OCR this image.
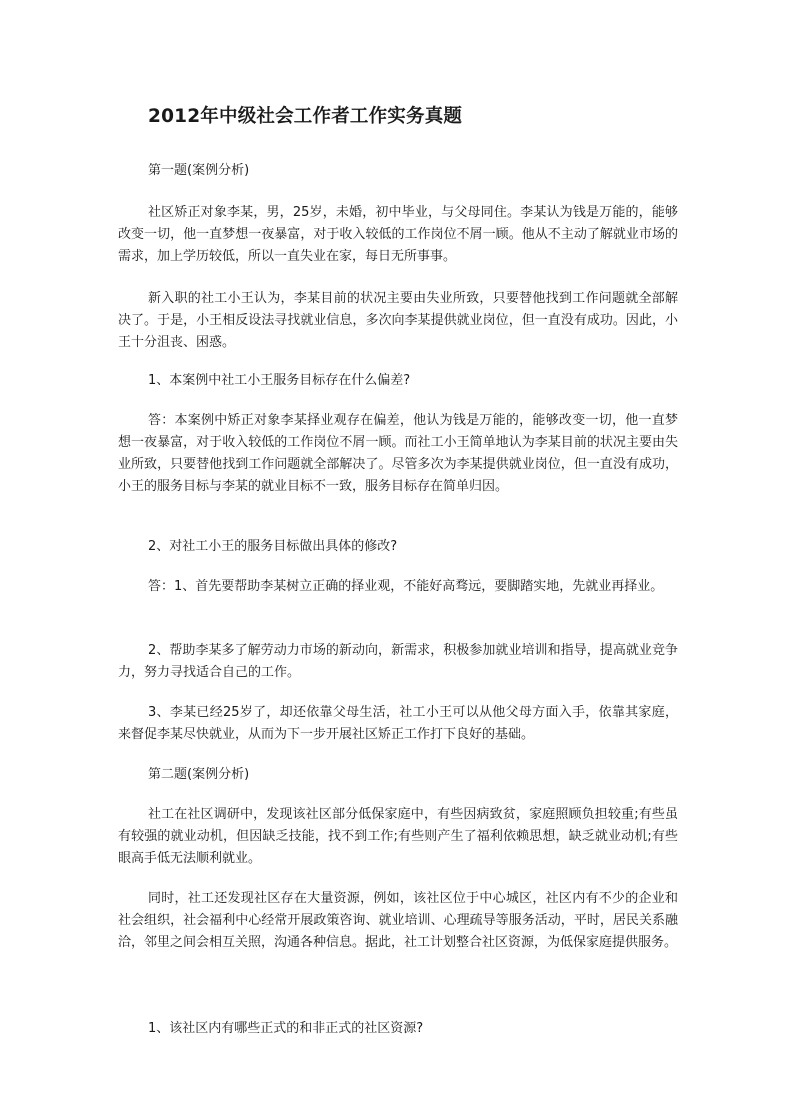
2012年中级社会工作者工作实务真题

第一题(案例分析)

社区矫正对象李某，男，25岁，未婚，初中毕业，与父母同住。李某认为钱是万能的，能够改变一切，他一直梦想一夜暴富，对于收入较低的工作岗位不屑一顾。他从不主动了解就业市场的需求，加上学历较低，所以一直失业在家，每日无所事事。

新入职的社工小王认为，李某目前的状况主要由失业所致，只要替他找到工作问题就全部解决了。于是，小王相反设法寻找就业信息，多次向李某提供就业岗位，但一直没有成功。因此，小王十分沮丧、困惑。

1、本案例中社工小王服务目标存在什么偏差?

答：本案例中矫正对象李某择业观存在偏差，他认为钱是万能的，能够改变一切，他一直梦想一夜暴富，对于收入较低的工作岗位不屑一顾。而社工小王简单地认为李某目前的状况主要由失业所致，只要替他找到工作问题就全部解决了。尽管多次为李某提供就业岗位，但一直没有成功，小王的服务目标与李某的就业目标不一致，服务目标存在简单归因。

2、对社工小王的服务目标做出具体的修改?

答：1、首先要帮助李某树立正确的择业观，不能好高骛远，要脚踏实地，先就业再择业。

2、帮助李某多了解劳动力市场的新动向，新需求，积极参加就业培训和指导，提高就业竞争力，努力寻找适合自己的工作。

3、李某已经25岁了，却还依靠父母生活，社工小王可以从他父母方面入手，依靠其家庭，来督促李某尽快就业，从而为下一步开展社区矫正工作打下良好的基础。

第二题(案例分析)

社工在社区调研中，发现该社区部分低保家庭中，有些因病致贫，家庭照顾负担较重;有些虽有较强的就业动机，但因缺乏技能，找不到工作;有些则产生了福利依赖思想，缺乏就业动机;有些眼高手低无法顺利就业。

同时，社工还发现社区存在大量资源，例如，该社区位于中心城区，社区内有不少的企业和社会组织，社会福利中心经常开展政策咨询、就业培训、心理疏导等服务活动，平时，居民关系融洽，邻里之间会相互关照，沟通各种信息。据此，社工计划整合社区资源，为低保家庭提供服务。

1、该社区内有哪些正式的和非正式的社区资源?
